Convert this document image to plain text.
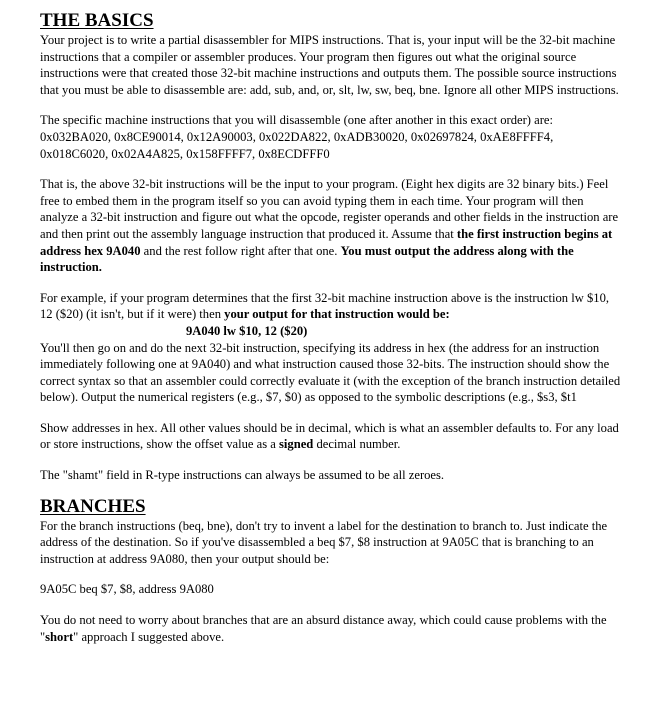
THE BASICS

Your project is to write a partial disassembler for MIPS instructions. That is, your input will be the 32-bit machine instructions that a compiler or assembler produces. Your program then figures out what the original source instructions were that created those 32-bit machine instructions and outputs them. The possible source instructions that you must be able to disassemble are: add, sub, and, or, slt, lw, sw, beq, bne. Ignore all other MIPS instructions.

The specific machine instructions that you will disassemble (one after another in this exact order) are: 0x032BA020, 0x8CE90014, 0x12A90003, 0x022DA822, 0xADB30020, 0x02697824, 0xAE8FFFF4, 0x018C6020, 0x02A4A825, 0x158FFFF7, 0x8ECDFFF0

That is, the above 32-bit instructions will be the input to your program. (Eight hex digits are 32 binary bits.) Feel free to embed them in the program itself so you can avoid typing them in each time. Your program will then analyze a 32-bit instruction and figure out what the opcode, register operands and other fields in the instruction are and then print out the assembly language instruction that produced it. Assume that the first instruction begins at address hex 9A040 and the rest follow right after that one. You must output the address along with the instruction.

For example, if your program determines that the first 32-bit machine instruction above is the instruction lw $10, 12 ($20) (it isn't, but if it were) then your output for that instruction would be:

9A040 lw $10, 12 ($20)

You'll then go on and do the next 32-bit instruction, specifying its address in hex (the address for an instruction immediately following one at 9A040) and what instruction caused those 32-bits. The instruction should show the correct syntax so that an assembler could correctly evaluate it (with the exception of the branch instruction detailed below). Output the numerical registers (e.g., $7, $0) as opposed to the symbolic descriptions (e.g., $s3, $t1

Show addresses in hex. All other values should be in decimal, which is what an assembler defaults to. For any load or store instructions, show the offset value as a signed decimal number.

The "shamt" field in R-type instructions can always be assumed to be all zeroes.

BRANCHES

For the branch instructions (beq, bne), don't try to invent a label for the destination to branch to. Just indicate the address of the destination. So if you've disassembled a beq $7, $8 instruction at 9A05C that is branching to an instruction at address 9A080, then your output should be:

9A05C beq $7, $8, address 9A080

You do not need to worry about branches that are an absurd distance away, which could cause problems with the "short" approach I suggested above.
